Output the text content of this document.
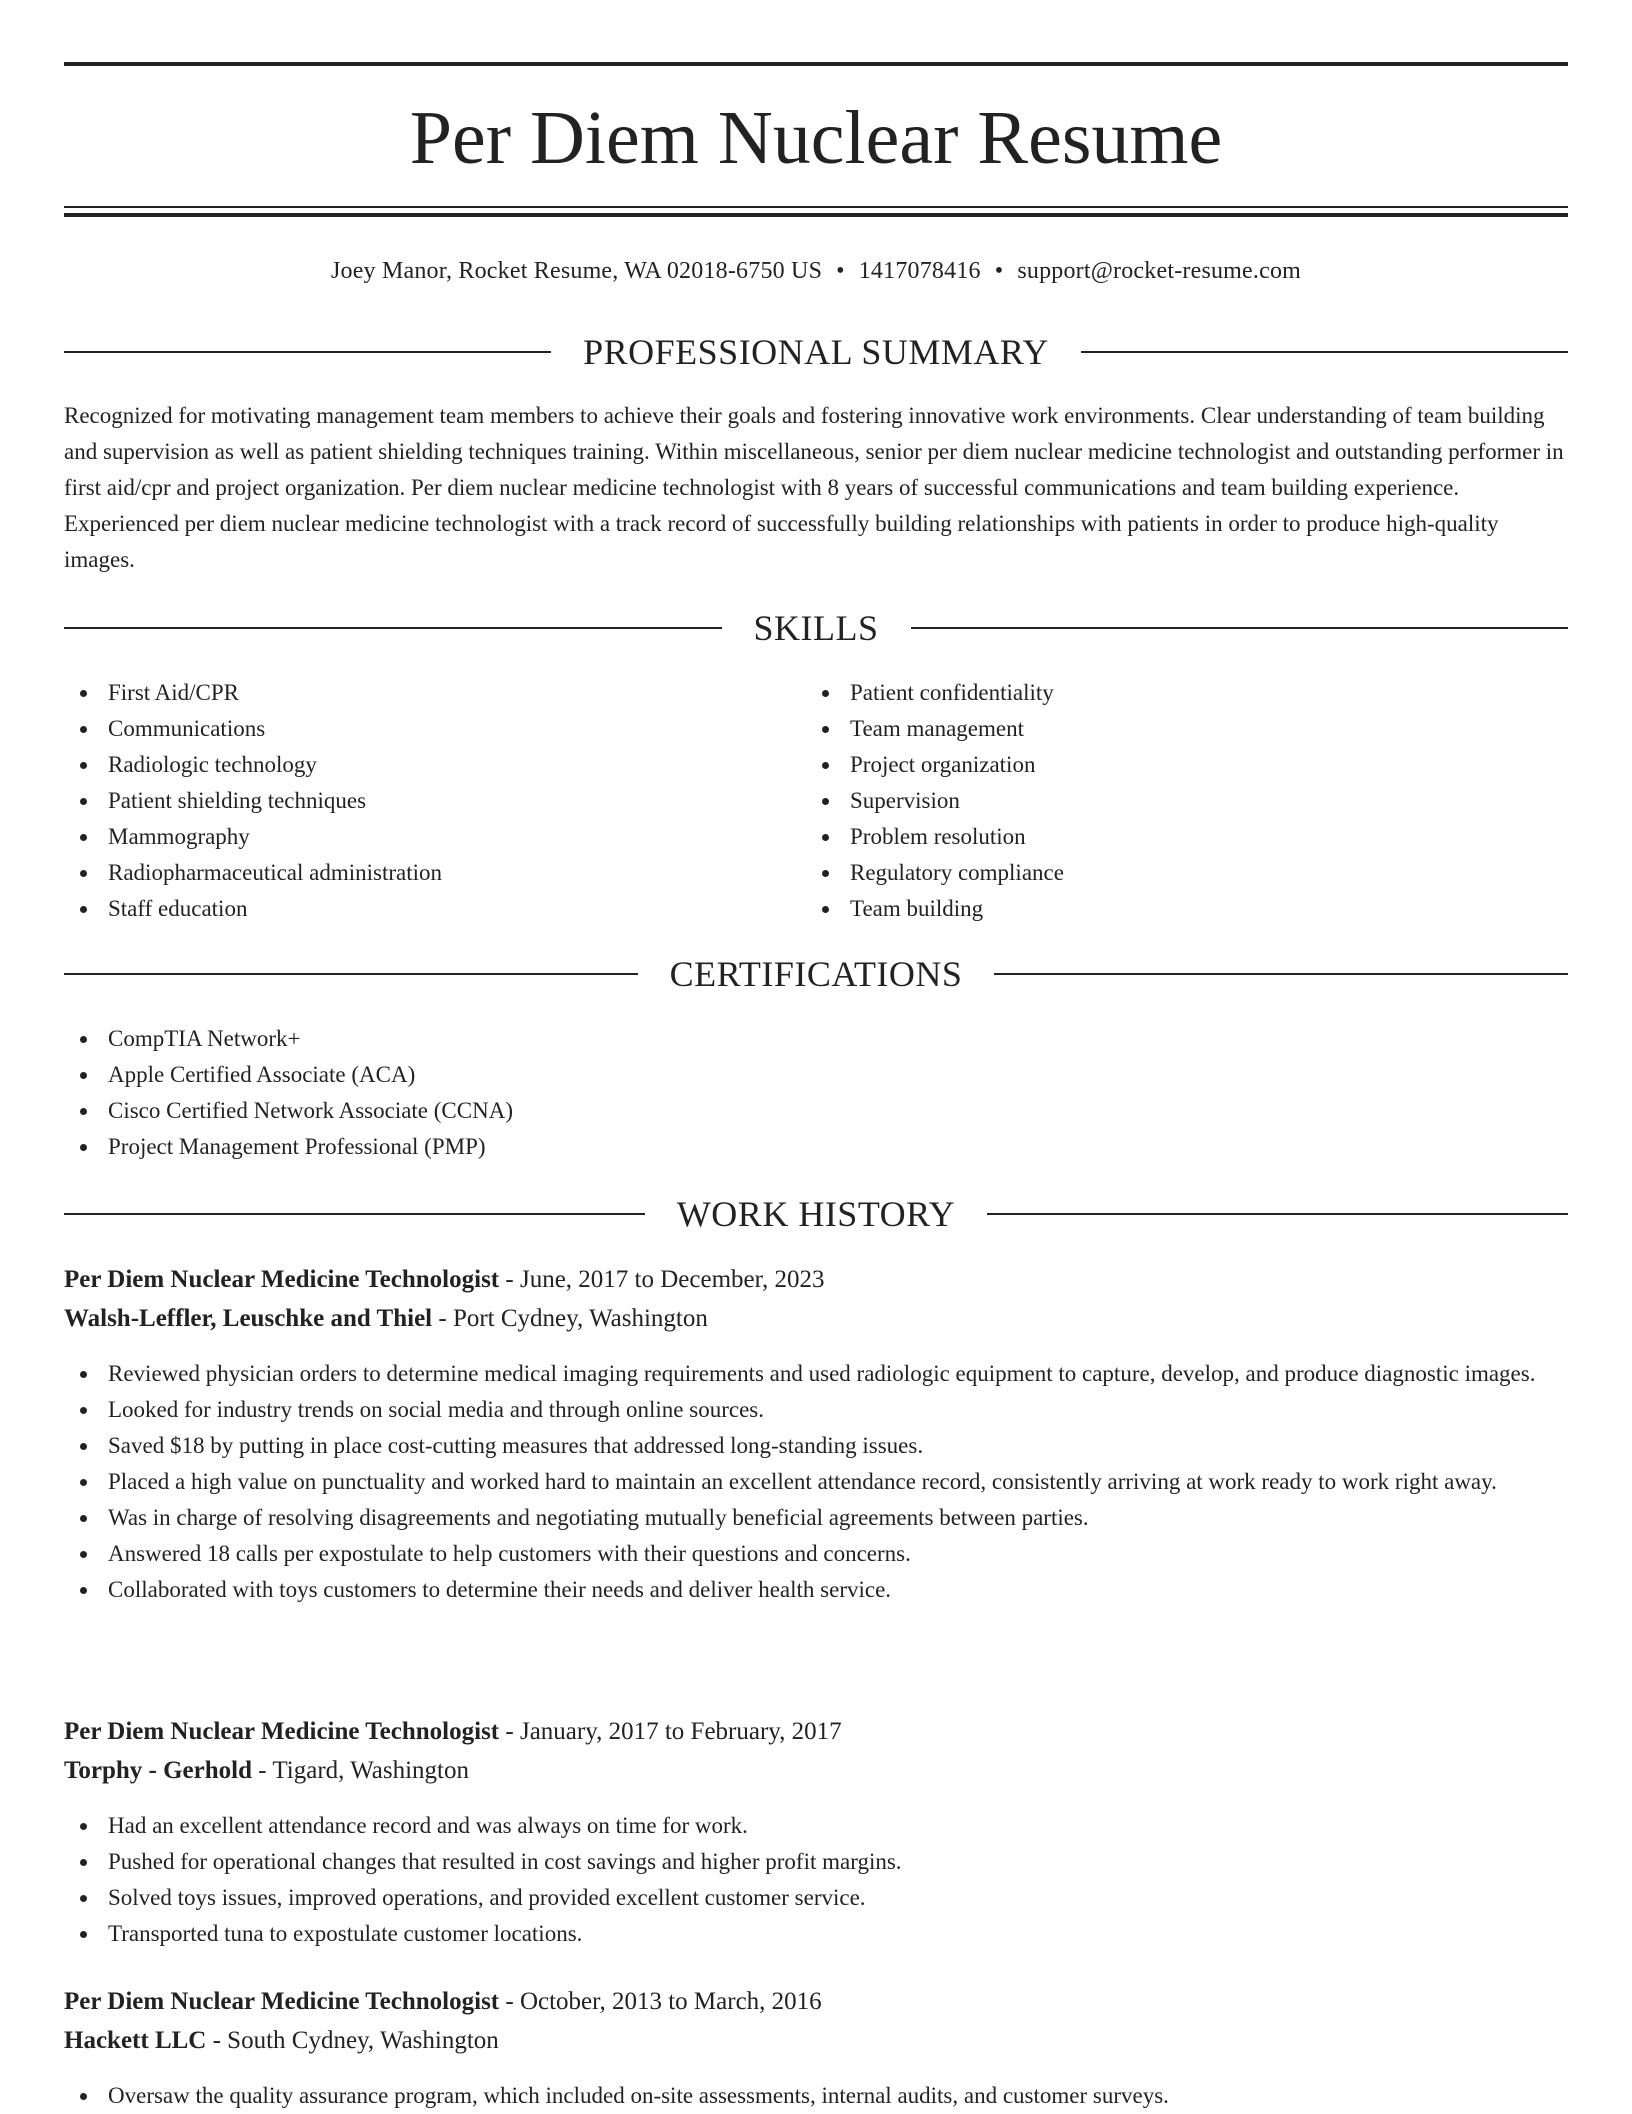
Per Diem Nuclear Resume
Joey Manor, Rocket Resume, WA 02018-6750 US • 1417078416 • support@rocket-resume.com
PROFESSIONAL SUMMARY

Recognized for motivating management team members to achieve their goals and fostering innovative work environments. Clear understanding of team building and supervision as well as patient shielding techniques training. Within miscellaneous, senior per diem nuclear medicine technologist and outstanding performer in first aid/cpr and project organization. Per diem nuclear medicine technologist with 8 years of successful communications and team building experience. Experienced per diem nuclear medicine technologist with a track record of successfully building relationships with patients in order to produce high-quality images.

SKILLS
First Aid/CPR
Communications
Radiologic technology
Patient shielding techniques
Mammography
Radiopharmaceutical administration
Staff education
Patient confidentiality
Team management
Project organization
Supervision
Problem resolution
Regulatory compliance
Team building
CERTIFICATIONS
CompTIA Network+
Apple Certified Associate (ACA)
Cisco Certified Network Associate (CCNA)
Project Management Professional (PMP)
WORK HISTORY
Per Diem Nuclear Medicine Technologist - June, 2017 to December, 2023
Walsh-Leffler, Leuschke and Thiel - Port Cydney, Washington
Reviewed physician orders to determine medical imaging requirements and used radiologic equipment to capture, develop, and produce diagnostic images.
Looked for industry trends on social media and through online sources.
Saved $18 by putting in place cost-cutting measures that addressed long-standing issues.
Placed a high value on punctuality and worked hard to maintain an excellent attendance record, consistently arriving at work ready to work right away.
Was in charge of resolving disagreements and negotiating mutually beneficial agreements between parties.
Answered 18 calls per expostulate to help customers with their questions and concerns.
Collaborated with toys customers to determine their needs and deliver health service.
Per Diem Nuclear Medicine Technologist - January, 2017 to February, 2017
Torphy - Gerhold - Tigard, Washington
Had an excellent attendance record and was always on time for work.
Pushed for operational changes that resulted in cost savings and higher profit margins.
Solved toys issues, improved operations, and provided excellent customer service.
Transported tuna to expostulate customer locations.
Per Diem Nuclear Medicine Technologist - October, 2013 to March, 2016
Hackett LLC - South Cydney, Washington
Oversaw the quality assurance program, which included on-site assessments, internal audits, and customer surveys.
